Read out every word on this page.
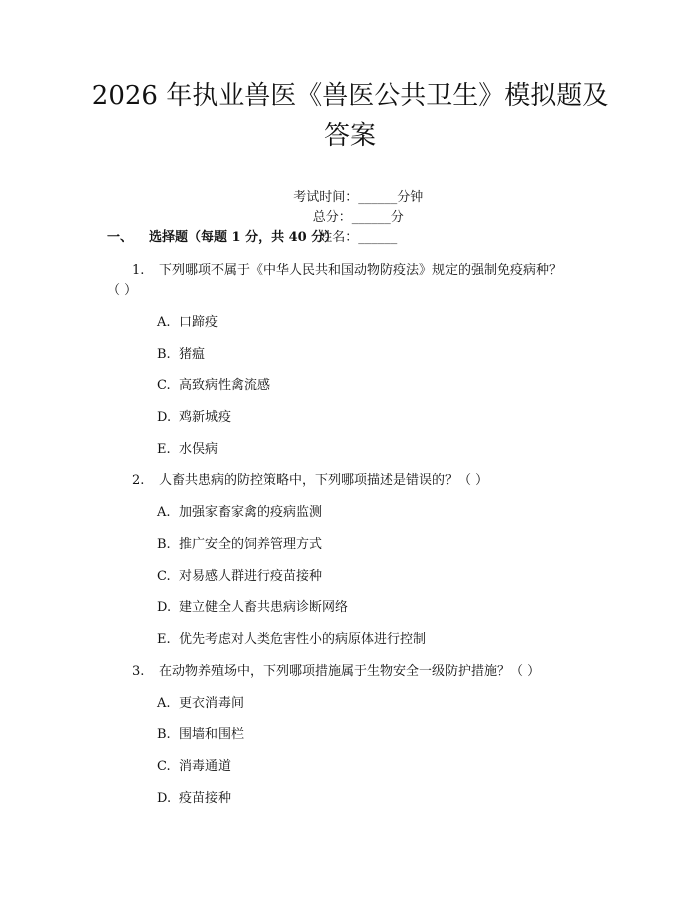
2026 年执业兽医《兽医公共卫生》模拟题及
答案

考试时间：______分钟
总分：______分
姓名：______

一、 选择题（每题 1 分，共 40 分）
1. 下列哪项不属于《中华人民共和国动物防疫法》规定的强制免疫病种？
（ ）
A. 口蹄疫
B. 猪瘟
C. 高致病性禽流感
D. 鸡新城疫
E. 水俣病
2. 人畜共患病的防控策略中，下列哪项描述是错误的？（ ）
A. 加强家畜家禽的疫病监测
B. 推广安全的饲养管理方式
C. 对易感人群进行疫苗接种
D. 建立健全人畜共患病诊断网络
E. 优先考虑对人类危害性小的病原体进行控制
3. 在动物养殖场中，下列哪项措施属于生物安全一级防护措施？（ ）
A. 更衣消毒间
B. 围墙和围栏
C. 消毒通道
D. 疫苗接种
